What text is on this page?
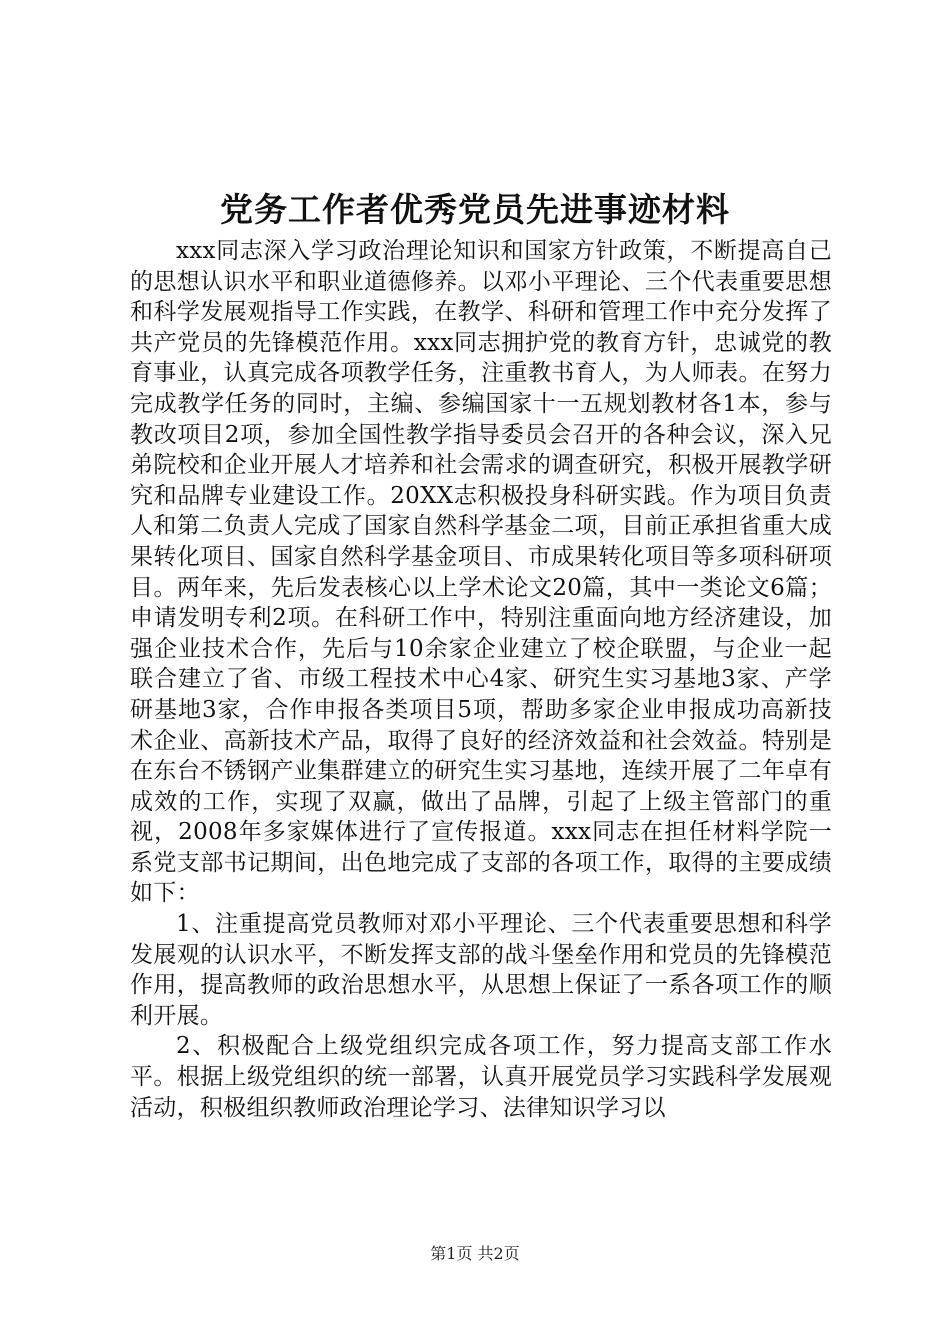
党务工作者优秀党员先进事迹材料

xxx同志深入学习政治理论知识和国家方针政策，不断提高自己的思想认识水平和职业道德修养。以邓小平理论、三个代表重要思想和科学发展观指导工作实践，在教学、科研和管理工作中充分发挥了共产党员的先锋模范作用。xxx同志拥护党的教育方针，忠诚党的教育事业，认真完成各项教学任务，注重教书育人，为人师表。在努力完成教学任务的同时，主编、参编国家十一五规划教材各1本，参与教改项目2项，参加全国性教学指导委员会召开的各种会议，深入兄弟院校和企业开展人才培养和社会需求的调查研究，积极开展教学研究和品牌专业建设工作。20XX志积极投身科研实践。作为项目负责人和第二负责人完成了国家自然科学基金二项，目前正承担省重大成果转化项目、国家自然科学基金项目、市成果转化项目等多项科研项目。两年来，先后发表核心以上学术论文20篇，其中一类论文6篇；申请发明专利2项。在科研工作中，特别注重面向地方经济建设，加强企业技术合作，先后与10余家企业建立了校企联盟，与企业一起联合建立了省、市级工程技术中心4家、研究生实习基地3家、产学研基地3家，合作申报各类项目5项，帮助多家企业申报成功高新技术企业、高新技术产品，取得了良好的经济效益和社会效益。特别是在东台不锈钢产业集群建立的研究生实习基地，连续开展了二年卓有成效的工作，实现了双赢，做出了品牌，引起了上级主管部门的重视，2008年多家媒体进行了宣传报道。xxx同志在担任材料学院一系党支部书记期间，出色地完成了支部的各项工作，取得的主要成绩如下：

1、注重提高党员教师对邓小平理论、三个代表重要思想和科学发展观的认识水平，不断发挥支部的战斗堡垒作用和党员的先锋模范作用，提高教师的政治思想水平，从思想上保证了一系各项工作的顺利开展。

2、积极配合上级党组织完成各项工作，努力提高支部工作水平。根据上级党组织的统一部署，认真开展党员学习实践科学发展观活动，积极组织教师政治理论学习、法律知识学习以

第1页 共2页
